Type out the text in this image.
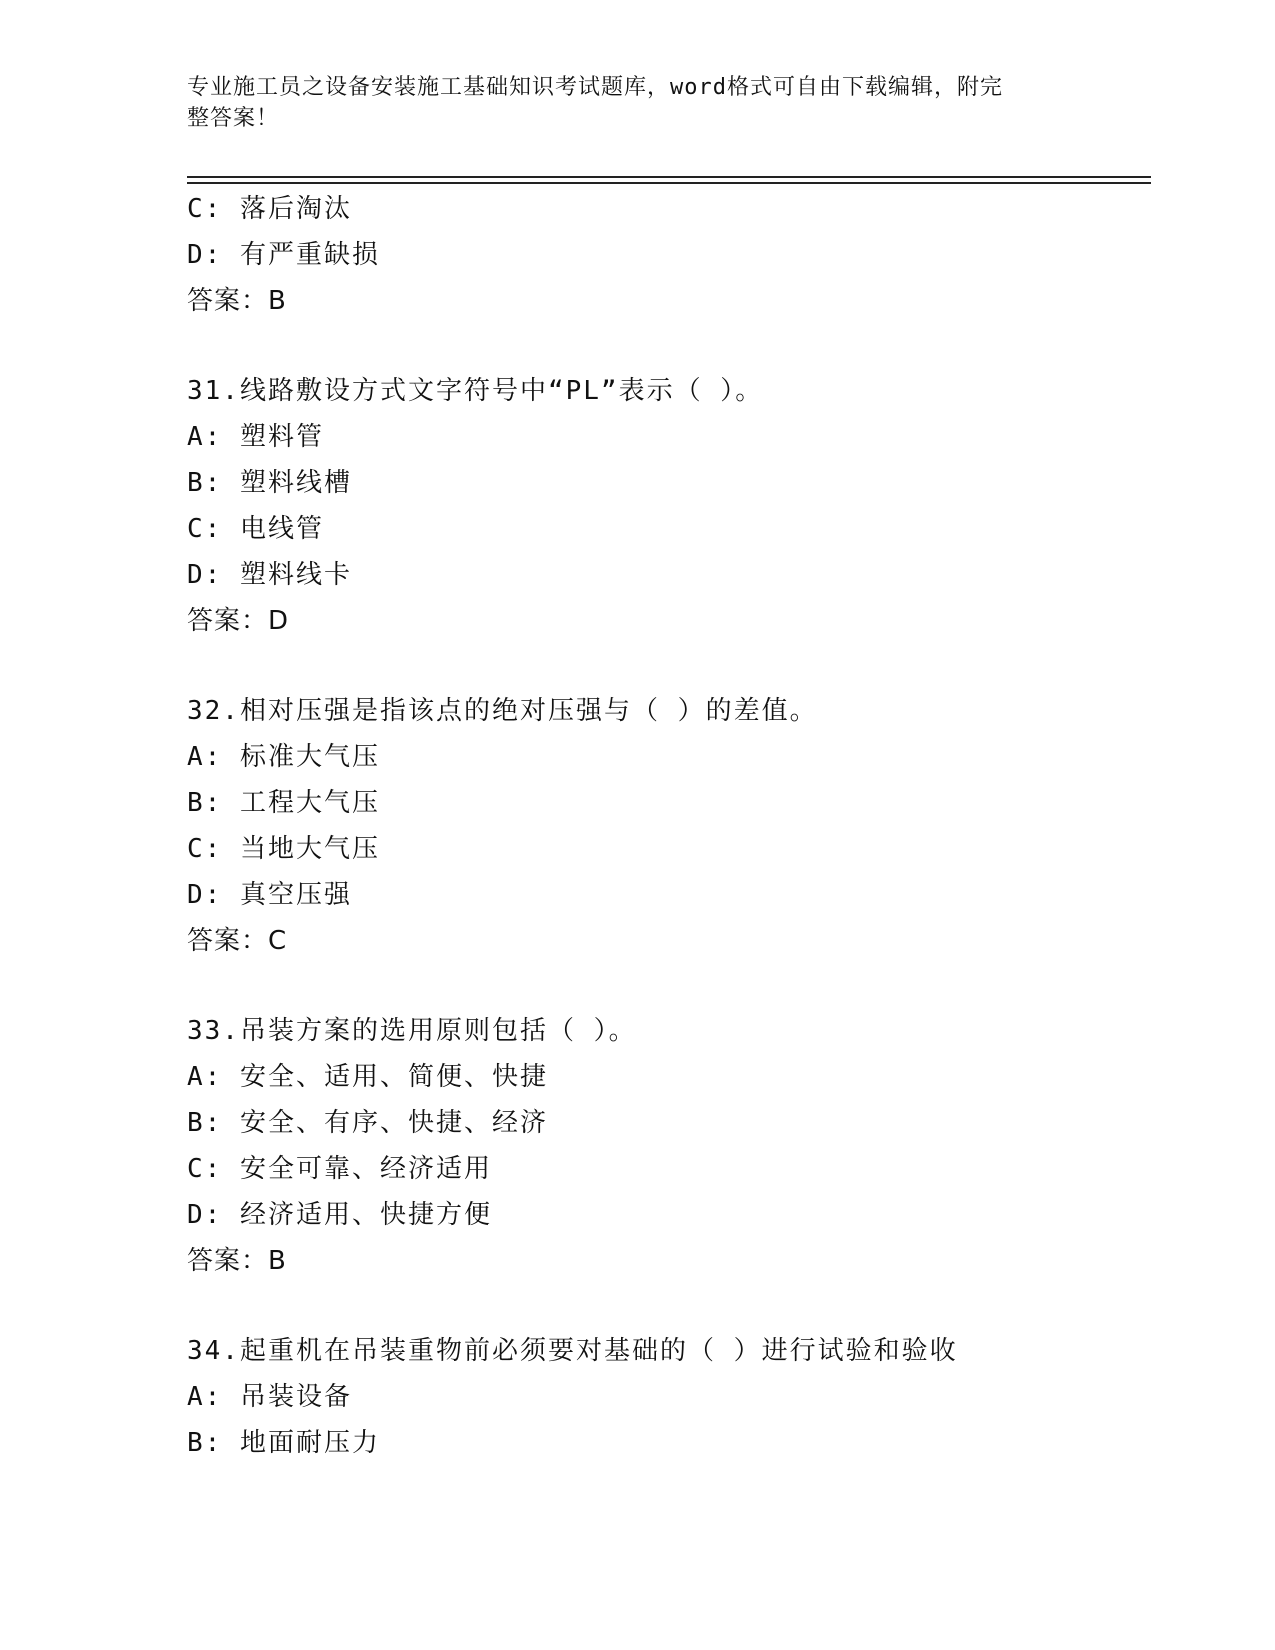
专业施工员之设备安装施工基础知识考试题库，word格式可自由下载编辑，附完
整答案！
C: 落后淘汰
D: 有严重缺损
答案：B
31.线路敷设方式文字符号中“PL”表示（ ）。
A: 塑料管
B: 塑料线槽
C: 电线管
D: 塑料线卡
答案：D
32.相对压强是指该点的绝对压强与（ ）的差值。
A: 标准大气压
B: 工程大气压
C: 当地大气压
D: 真空压强
答案：C
33.吊装方案的选用原则包括（ ）。
A: 安全、适用、简便、快捷
B: 安全、有序、快捷、经济
C: 安全可靠、经济适用
D: 经济适用、快捷方便
答案：B
34.起重机在吊装重物前必须要对基础的（ ）进行试验和验收
A: 吊装设备
B: 地面耐压力
